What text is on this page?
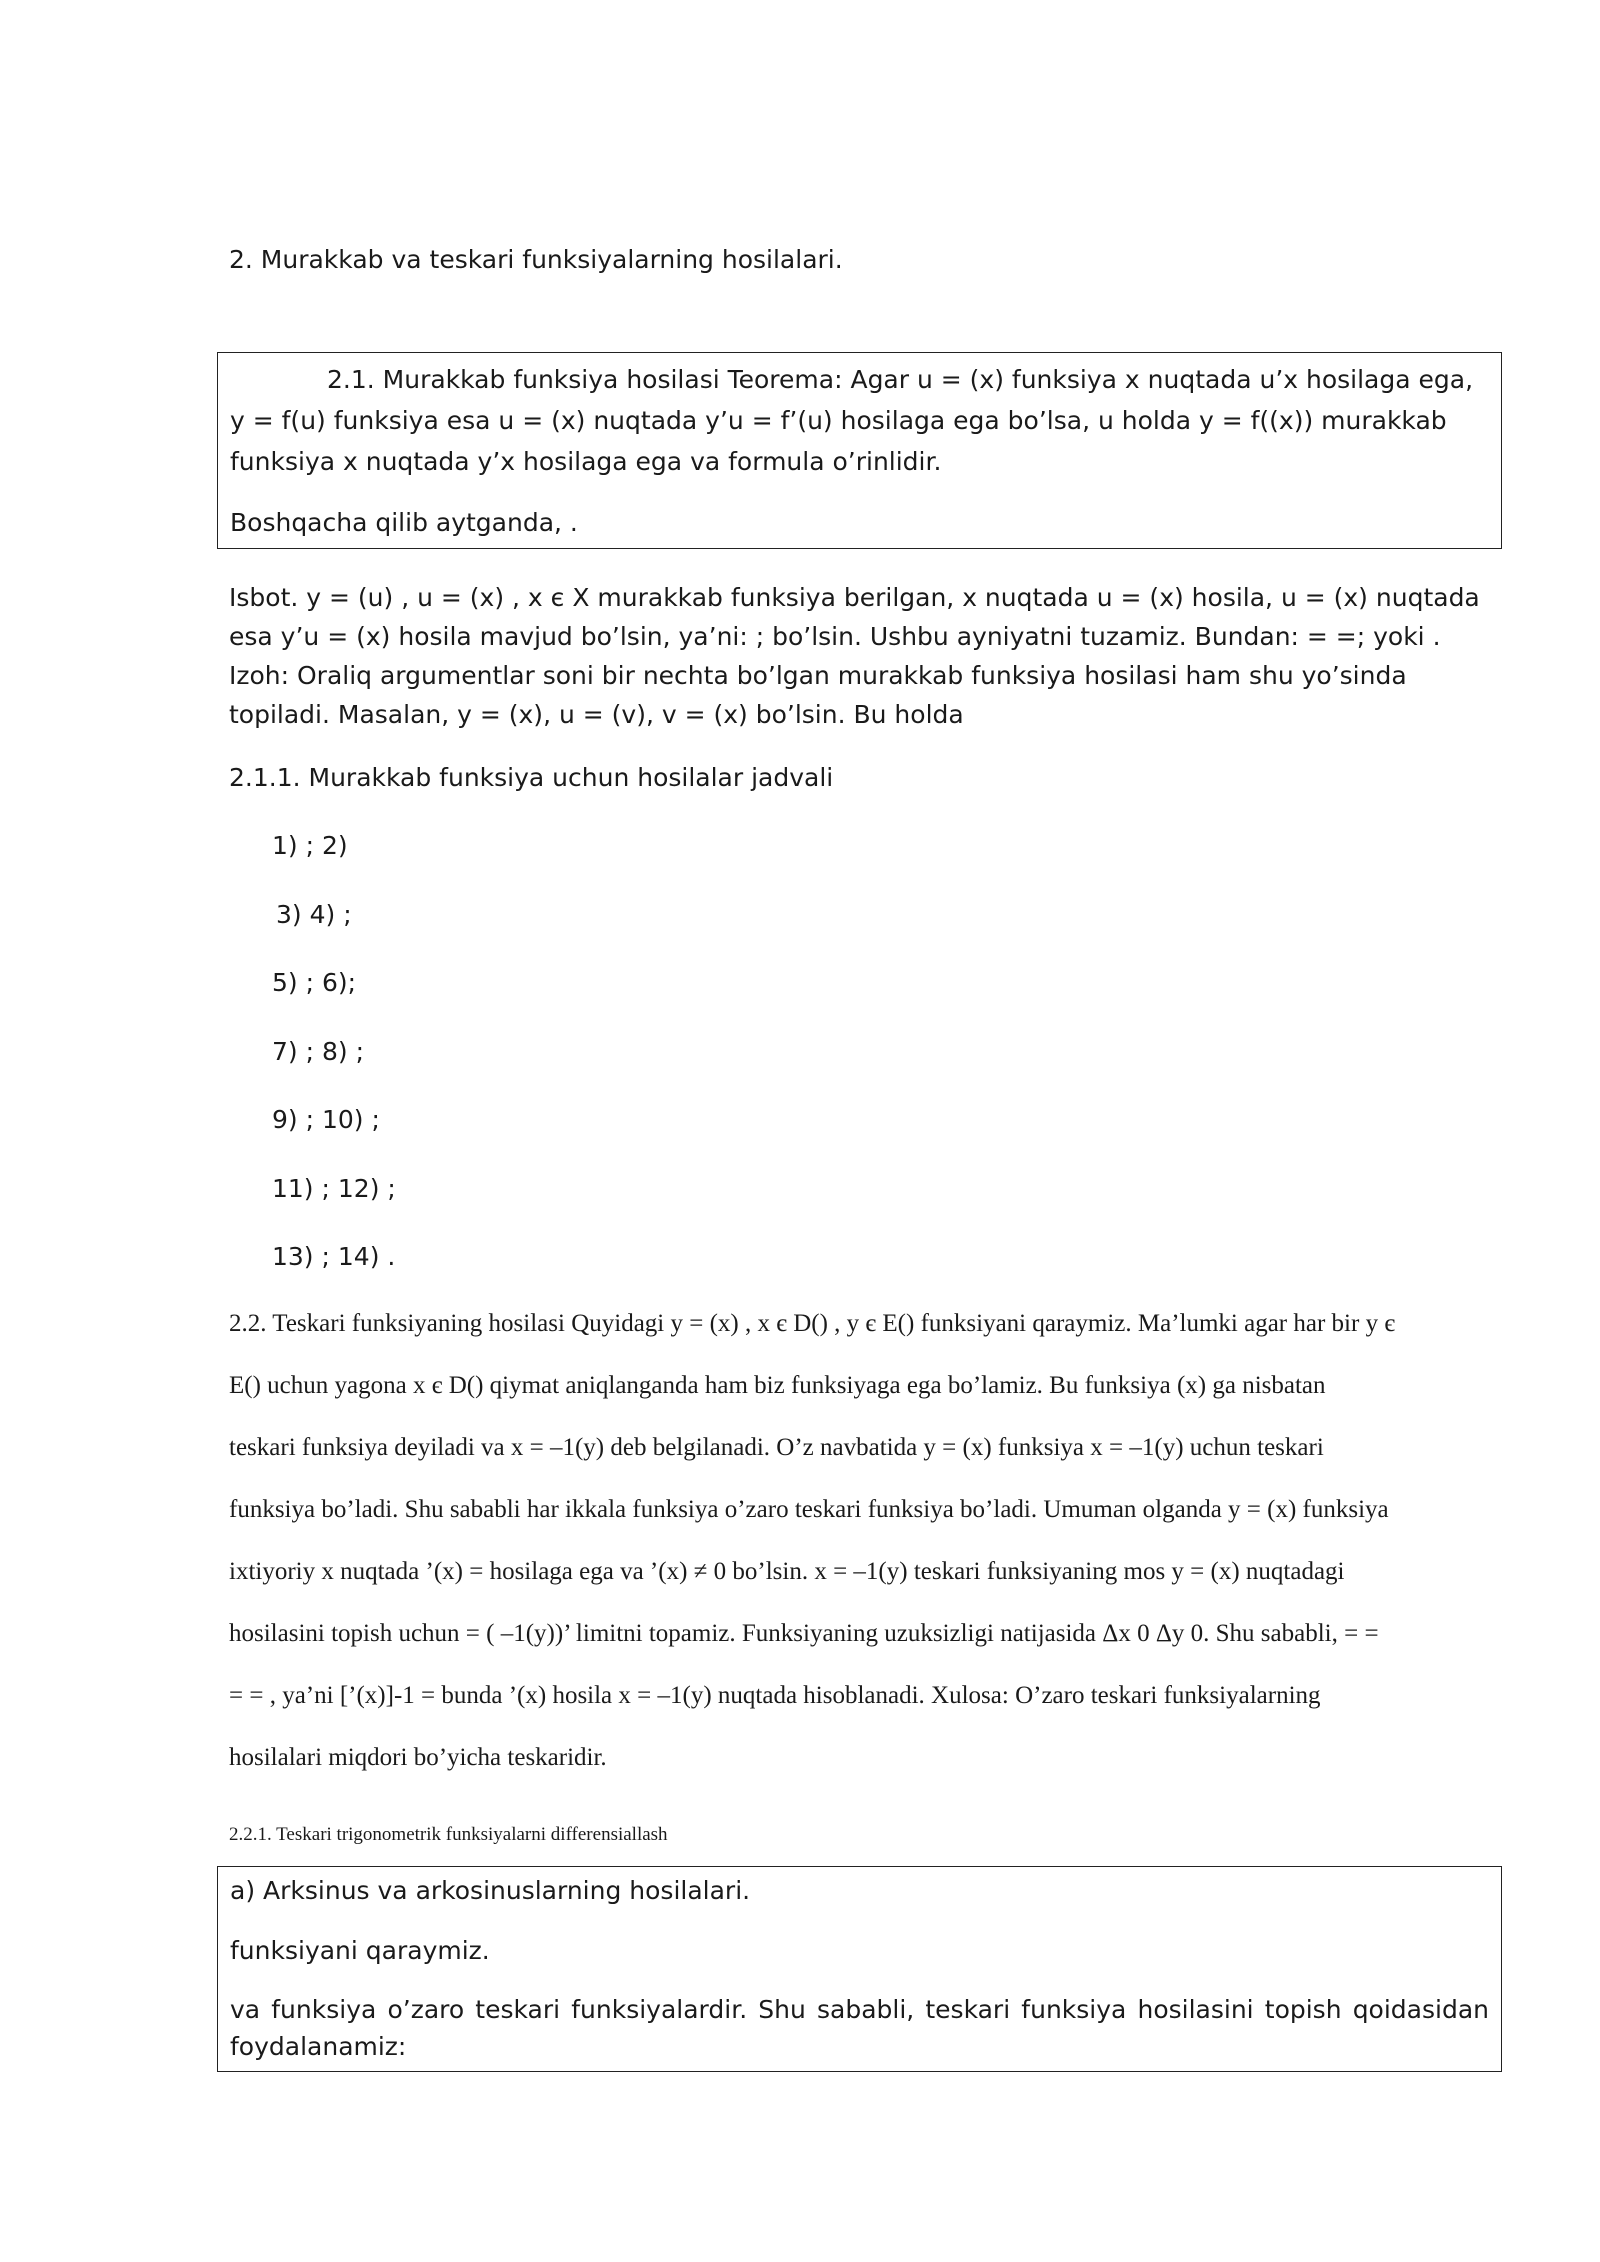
2. Murakkab va teskari funksiyalarning hosilalari.

2.1. Murakkab funksiya hosilasi Teorema: Agar u = (x) funksiya x nuqtada u’x hosilaga ega, y = f(u) funksiya esa u = (x) nuqtada y’u = f’(u) hosilaga ega bo’lsa, u holda y = f((x)) murakkab funksiya x nuqtada y’x hosilaga ega va formula o’rinlidir.

Boshqacha qilib aytganda, .

Isbot. y = (u) , u = (x) , x є X murakkab funksiya berilgan, x nuqtada u = (x) hosila, u = (x) nuqtada esa y’u = (x) hosila mavjud bo’lsin, ya’ni: ; bo’lsin. Ushbu ayniyatni tuzamiz. Bundan: = =; yoki . Izoh: Oraliq argumentlar soni bir nechta bo’lgan murakkab funksiya hosilasi ham shu yo’sinda topiladi. Masalan, y = (x), u = (v), v = (x) bo’lsin. Bu holda
2.1.1. Murakkab funksiya uchun hosilalar jadvali
1) ; 2)
3) 4) ;
5) ; 6);
7) ; 8) ;
9) ; 10) ;
11) ; 12) ;
13) ; 14) .
2.2. Teskari funksiyaning hosilasi Quyidagi y = (x) , x є D() , y є E() funksiyani qaraymiz. Ma’lumki agar har bir y є
E() uchun yagona x є D() qiymat aniqlanganda ham biz funksiyaga ega bo’lamiz. Bu funksiya (x) ga nisbatan
teskari funksiya deyiladi va x = –1(y) deb belgilanadi. O’z navbatida y = (x) funksiya x = –1(y) uchun teskari
funksiya bo’ladi. Shu sababli har ikkala funksiya o’zaro teskari funksiya bo’ladi. Umuman olganda y = (x) funksiya
ixtiyoriy x nuqtada ’(x) = hosilaga ega va ’(x) ≠ 0 bo’lsin. x = –1(y) teskari funksiyaning mos y = (x) nuqtadagi
hosilasini topish uchun = ( –1(y))’ limitni topamiz. Funksiyaning uzuksizligi natijasida Δx 0 Δy 0. Shu sababli, = =
= = , ya’ni [’(x)]-1 = bunda ’(x) hosila x = –1(y) nuqtada hisoblanadi. Xulosa: O’zaro teskari funksiyalarning
hosilalari miqdori bo’yicha teskaridir.
2.2.1. Teskari trigonometrik funksiyalarni differensiallash

a) Arksinus va arkosinuslarning hosilalari.

funksiyani qaraymiz.

va funksiya o’zaro teskari funksiyalardir. Shu sababli, teskari funksiya hosilasini topish qoidasidan foydalanamiz:
